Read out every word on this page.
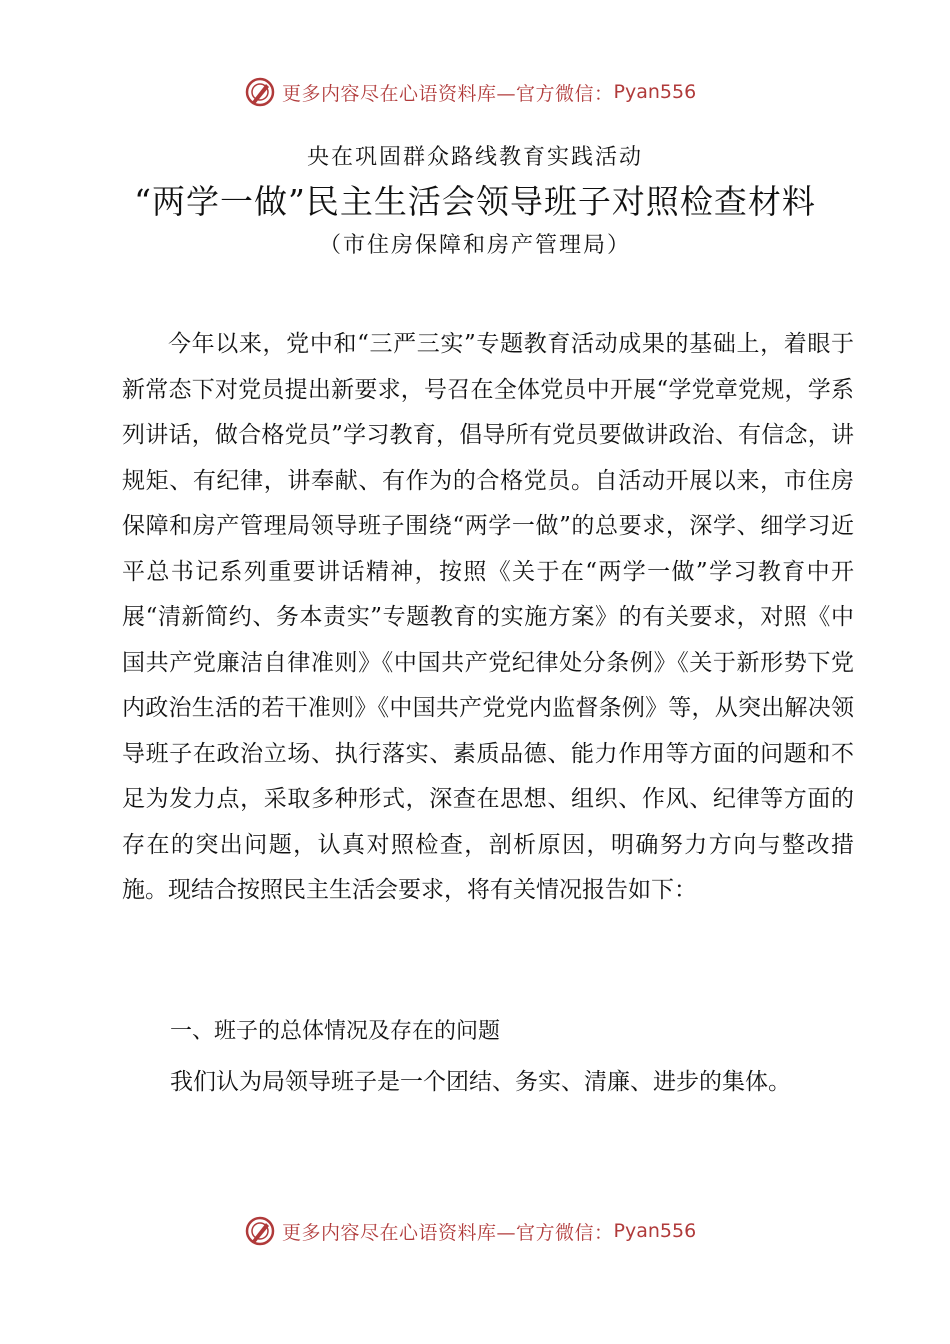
更多内容尽在心语资料库—官方微信： Pyan556
央在巩固群众路线教育实践活动
“两学一做”民主生活会领导班子对照检查材料
（市住房保障和房产管理局）

今年以来，党中和“三严三实”专题教育活动成果的基础上，着眼于新常态下对党员提出新要求，号召在全体党员中开展“学党章党规，学系列讲话，做合格党员”学习教育，倡导所有党员要做讲政治、有信念，讲规矩、有纪律，讲奉献、有作为的合格党员。自活动开展以来，市住房保障和房产管理局领导班子围绕“两学一做”的总要求，深学、细学习近平总书记系列重要讲话精神，按照《关于在“两学一做”学习教育中开展“清新简约、务本责实”专题教育的实施方案》的有关要求，对照《中国共产党廉洁自律准则》《中国共产党纪律处分条例》《关于新形势下党内政治生活的若干准则》《中国共产党党内监督条例》等，从突出解决领导班子在政治立场、执行落实、素质品德、能力作用等方面的问题和不足为发力点，采取多种形式，深查在思想、组织、作风、纪律等方面的存在的突出问题，认真对照检查，剖析原因，明确努力方向与整改措施。现结合按照民主生活会要求，将有关情况报告如下：

一、班子的总体情况及存在的问题
我们认为局领导班子是一个团结、务实、清廉、进步的集体。
更多内容尽在心语资料库—官方微信： Pyan556
